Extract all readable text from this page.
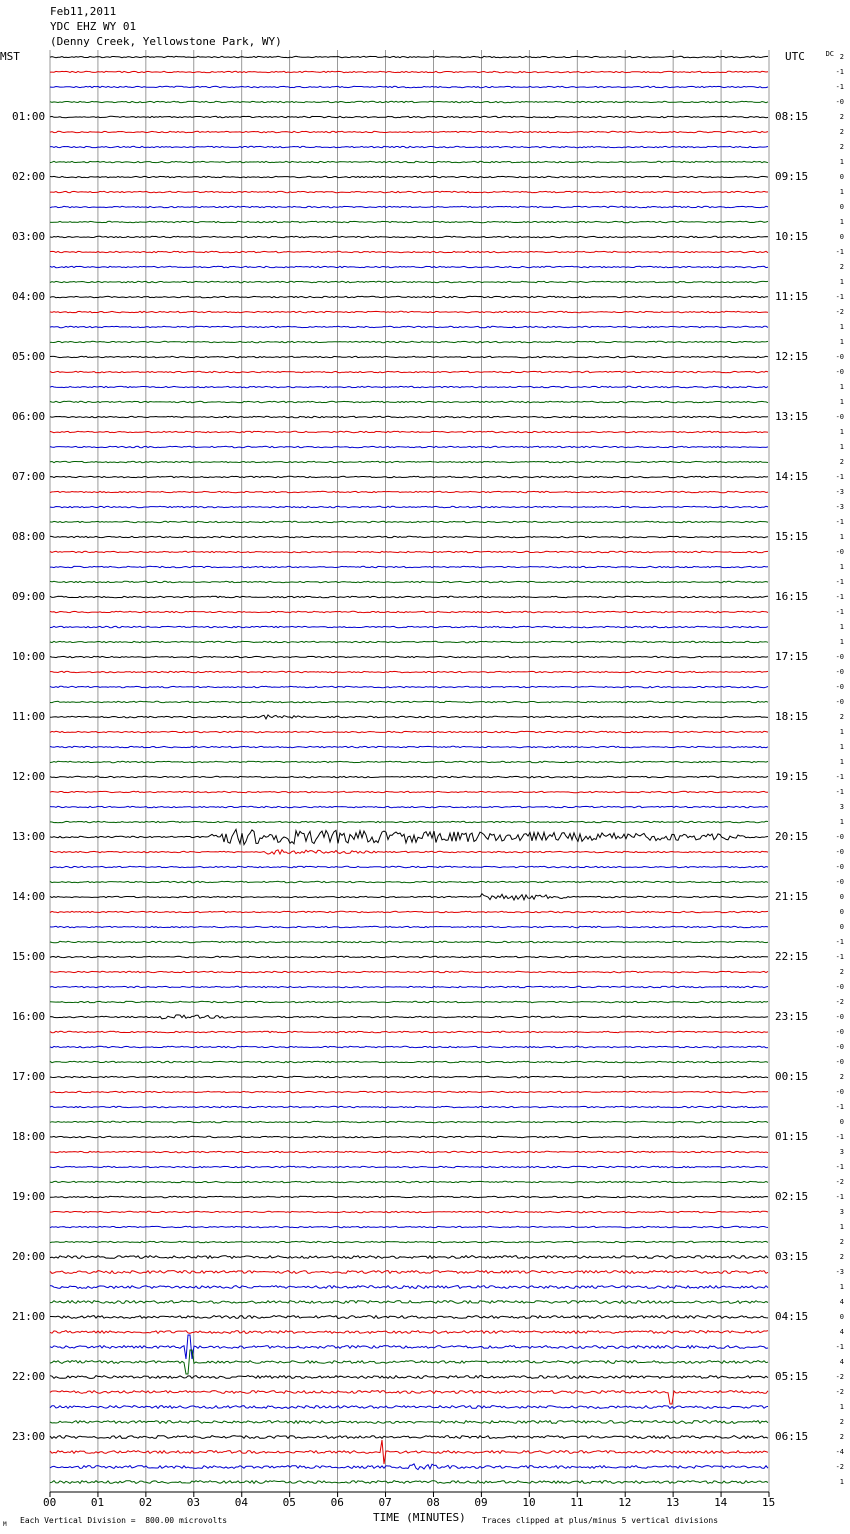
Feb11,2011
YDC EHZ WY 01
(Denny Creek, Yellowstone Park, WY)
MST	UTC	DC
01:00
02:00
03:00
04:00
05:00
06:00
07:00
08:00
09:00
10:00
11:00
12:00
13:00
14:00
15:00
16:00
17:00
18:00
19:00
20:00
21:00
22:00
23:00
08:15
09:15
10:15
11:15
12:15
13:15
14:15
15:15
16:15
17:15
18:15
19:15
20:15
21:15
22:15
23:15
00:15
01:15
02:15
03:15
04:15
05:15
06:15
2
-1
-1
-0
2
2
2
1
0
1
0
1
0
-1
2
1
-1
-2
1
1
-0
-0
1
1
-0
1
1
2
-1
-3
-3
-1
1
-0
1
-1
-1
-1
1
1
-0
-0
-0
-0
2
1
1
1
-1
-1
3
1
-0
-0
-0
-0
0
0
0
-1
-1
2
-0
-2
-0
-0
-0
-0
2
-0
-1
0
-1
3
-1
-2
-1
3
1
2
2
-3
1
4
0
4
-1
4
-2
-2
1
2
2
-4
-2
1
00	01	02	03	04	05	06	07	08	09	10	11	12	13	14	15
TIME (MINUTES)
M Each Vertical Division =  800.00 microvolts	Traces clipped at plus/minus 5 vertical divisions
